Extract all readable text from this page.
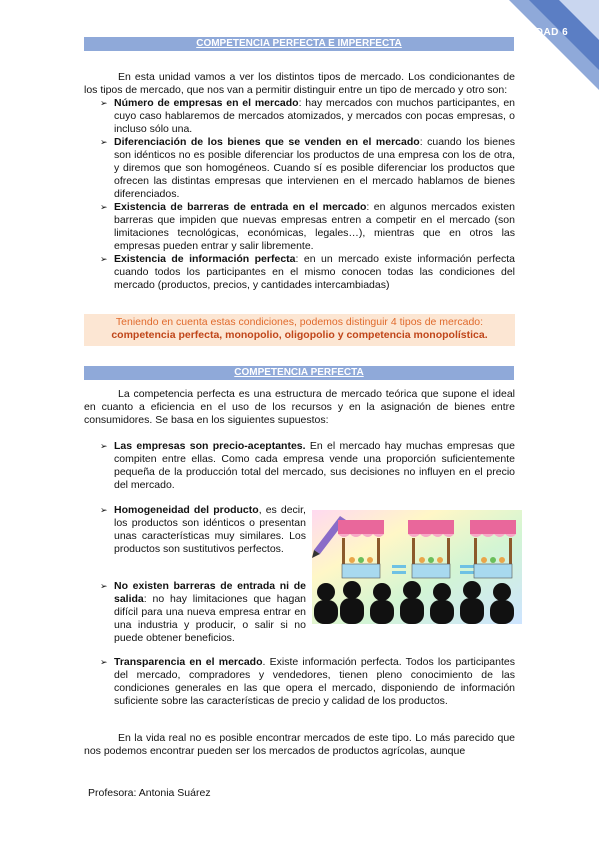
UNIDAD 6
COMPETENCIA PERFECTA E IMPERFECTA

En esta unidad vamos a ver los distintos tipos de mercado. Los condicionantes de los tipos de mercado, que nos van a permitir distinguir entre un tipo de mercado y otro son:

➢ Número de empresas en el mercado: hay mercados con muchos participantes, en cuyo caso hablaremos de mercados atomizados, y mercados con pocas empresas, o incluso sólo una.
➢ Diferenciación de los bienes que se venden en el mercado: cuando los bienes son idénticos no es posible diferenciar los productos de una empresa con los de otra, y diremos que son homogéneos. Cuando sí es posible diferenciar los productos que ofrecen las distintas empresas que intervienen en el mercado hablamos de bienes diferenciados.
➢ Existencia de barreras de entrada en el mercado: en algunos mercados existen barreras que impiden que nuevas empresas entren a competir en el mercado (son limitaciones tecnológicas, económicas, legales…), mientras que en otros las empresas pueden entrar y salir libremente.
➢ Existencia de información perfecta: en un mercado existe información perfecta cuando todos los participantes en el mismo conocen todas las condiciones del mercado (productos, precios, y cantidades intercambiadas)
Teniendo en cuenta estas condiciones, podemos distinguir 4 tipos de mercado:
competencia perfecta, monopolio, oligopolio y competencia monopolística.
COMPETENCIA PERFECTA

La competencia perfecta es una estructura de mercado teórica que supone el ideal en cuanto a eficiencia en el uso de los recursos y en la asignación de bienes entre consumidores. Se basa en los siguientes supuestos:

➢ Las empresas son precio-aceptantes. En el mercado hay muchas empresas que compiten entre ellas. Como cada empresa vende una proporción suficientemente pequeña de la producción total del mercado, sus decisiones no influyen en el precio del mercado.
➢ Homogeneidad del producto, es decir, los productos son idénticos o presentan unas características muy similares. Los productos son sustitutivos perfectos.
➢ No existen barreras de entrada ni de salida: no hay limitaciones que hagan difícil para una nueva empresa entrar en una industria y producir, o salir si no puede obtener beneficios.
➢ Transparencia en el mercado. Existe información perfecta. Todos los participantes del mercado, compradores y vendedores, tienen pleno conocimiento de las condiciones generales en las que opera el mercado, disponiendo de información suficiente sobre las características de precio y calidad de los productos.

En la vida real no es posible encontrar mercados de este tipo. Lo más parecido que nos podemos encontrar pueden ser los mercados de productos agrícolas, aunque

Profesora: Antonia Suárez
